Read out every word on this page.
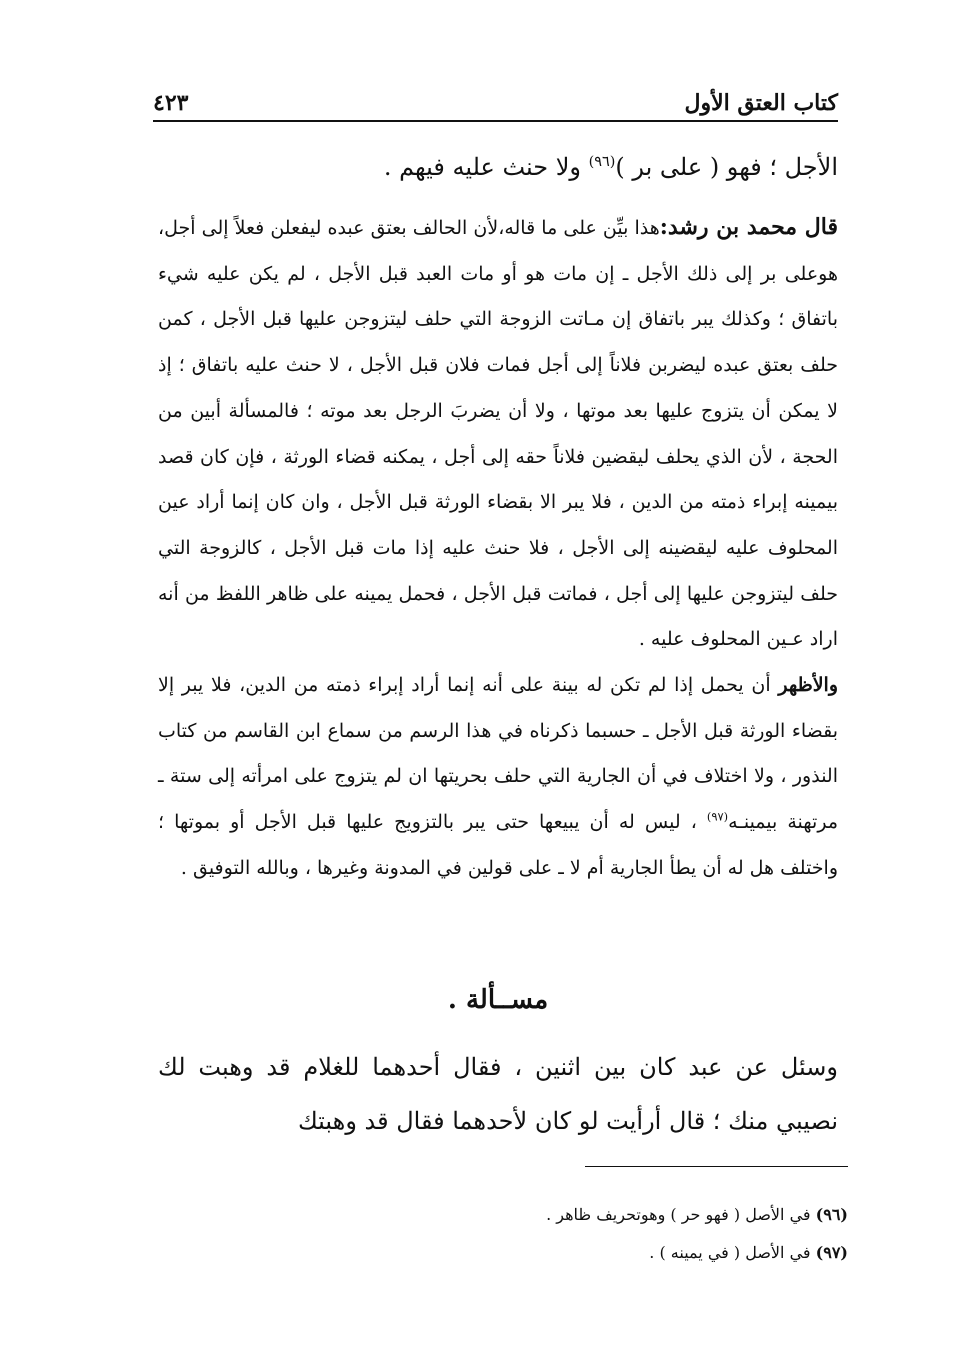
كتاب العتق الأول
٤٢٣
الأجل ؛ فهو ( على بر )$^{(٩٦)}$ ولا حنث عليه فيهم .
قال محمد بن رشد:هذا بيِّن على ما قاله،لأن الحالف بعتق عبده ليفعلن فعلاً إلى أجل، هوعلى بر إلى ذلك الأجل ـ إن مات هو أو مات العبد قبل الأجل ، لم يكن عليه شيء باتفاق ؛ وكذلك يبر باتفاق إن مـاتت الزوجة التي حلف ليتزوجن عليها قبل الأجل ، كمن حلف بعتق عبده ليضربن فلاناً إلى أجل فمات فلان قبل الأجل ، لا حنث عليه باتفاق ؛ إذ لا يمكن أن يتزوج عليها بعد موتها ، ولا أن يضربَ الرجل بعد موته ؛ فالمسألة أبين من الحجة ، لأن الذي يحلف ليقضين فلاناً حقه إلى أجل ، يمكنه قضاء الورثة ، فإن كان قصد بيمينه إبراء ذمته من الدين ، فلا يبر الا بقضاء الورثة قبل الأجل ، وان كان إنما أراد عين المحلوف عليه ليقضينه إلى الأجل ، فلا حنث عليه إذا مات قبل الأجل ، كالزوجة التي حلف ليتزوجن عليها إلى أجل ، فماتت قبل الأجل ، فحمل يمينه على ظاهر اللفظ من أنه اراد عـين المحلوف عليه .
والأظهر أن يحمل إذا لم تكن له بينة على أنه إنما أراد إبراء ذمته من الدين، فلا يبر إلا بقضاء الورثة قبل الأجل ـ حسبما ذكرناه في هذا الرسم من سماع ابن القاسم من كتاب النذور ، ولا اختلاف في أن الجارية التي حلف بحريتها ان لم يتزوج على امرأته إلى ستة ـ مرتهنة بيمينـه$^{(٩٧)}$ ، ليس له أن يبيعها حتى يبر بالتزويج عليها قبل الأجل أو بموتها ؛ واختلف هل له أن يطأ الجارية أم لا ـ على قولين في المدونة وغيرها ، وبالله التوفيق .
مســألة .
وسئل عن عبد كان بين اثنين ، فقال أحدهما للغلام قد وهبت لك نصيبي منك ؛ قال أرأيت لو كان لأحدهما فقال قد وهبتك
(٩٦) في الأصل ( فهو حر ) وهوتحريف ظاهر .
(٩٧) في الأصل ( في يمينه ) .
